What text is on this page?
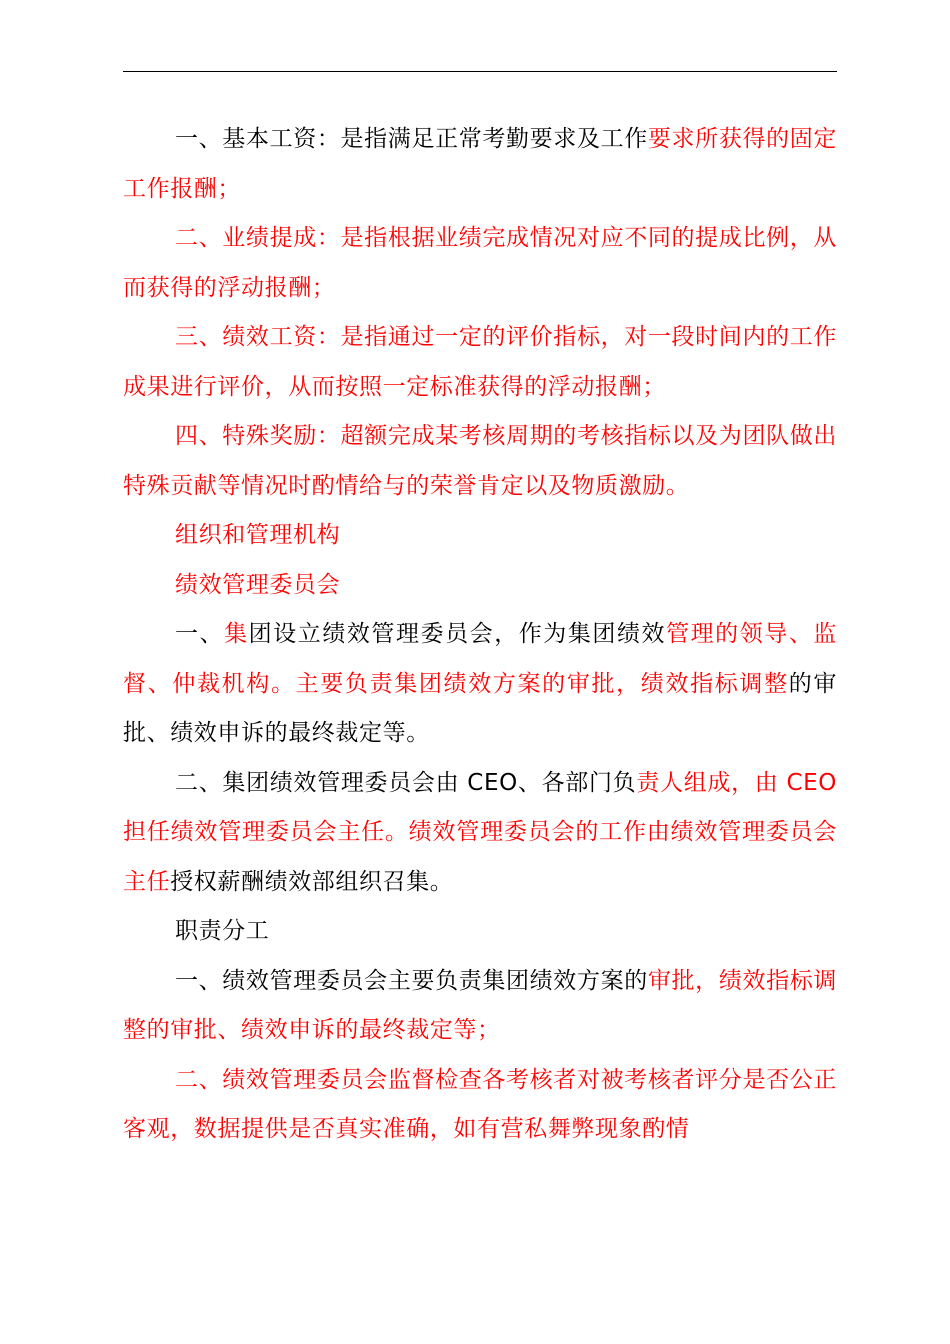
一、基本工资：是指满足正常考勤要求及工作要求所获得的固定工作报酬；

二、业绩提成：是指根据业绩完成情况对应不同的提成比例，从而获得的浮动报酬；

三、绩效工资：是指通过一定的评价指标，对一段时间内的工作成果进行评价，从而按照一定标准获得的浮动报酬；

四、特殊奖励：超额完成某考核周期的考核指标以及为团队做出特殊贡献等情况时酌情给与的荣誉肯定以及物质激励。

组织和管理机构

绩效管理委员会

一、集团设立绩效管理委员会，作为集团绩效管理的领导、监督、仲裁机构。主要负责集团绩效方案的审批，绩效指标调整的审批、绩效申诉的最终裁定等。

二、集团绩效管理委员会由 CEO、各部门负责人组成，由 CEO 担任绩效管理委员会主任。绩效管理委员会的工作由绩效管理委员会主任授权薪酬绩效部组织召集。

职责分工

一、绩效管理委员会主要负责集团绩效方案的审批，绩效指标调整的审批、绩效申诉的最终裁定等；

二、绩效管理委员会监督检查各考核者对被考核者评分是否公正客观，数据提供是否真实准确，如有营私舞弊现象酌情
